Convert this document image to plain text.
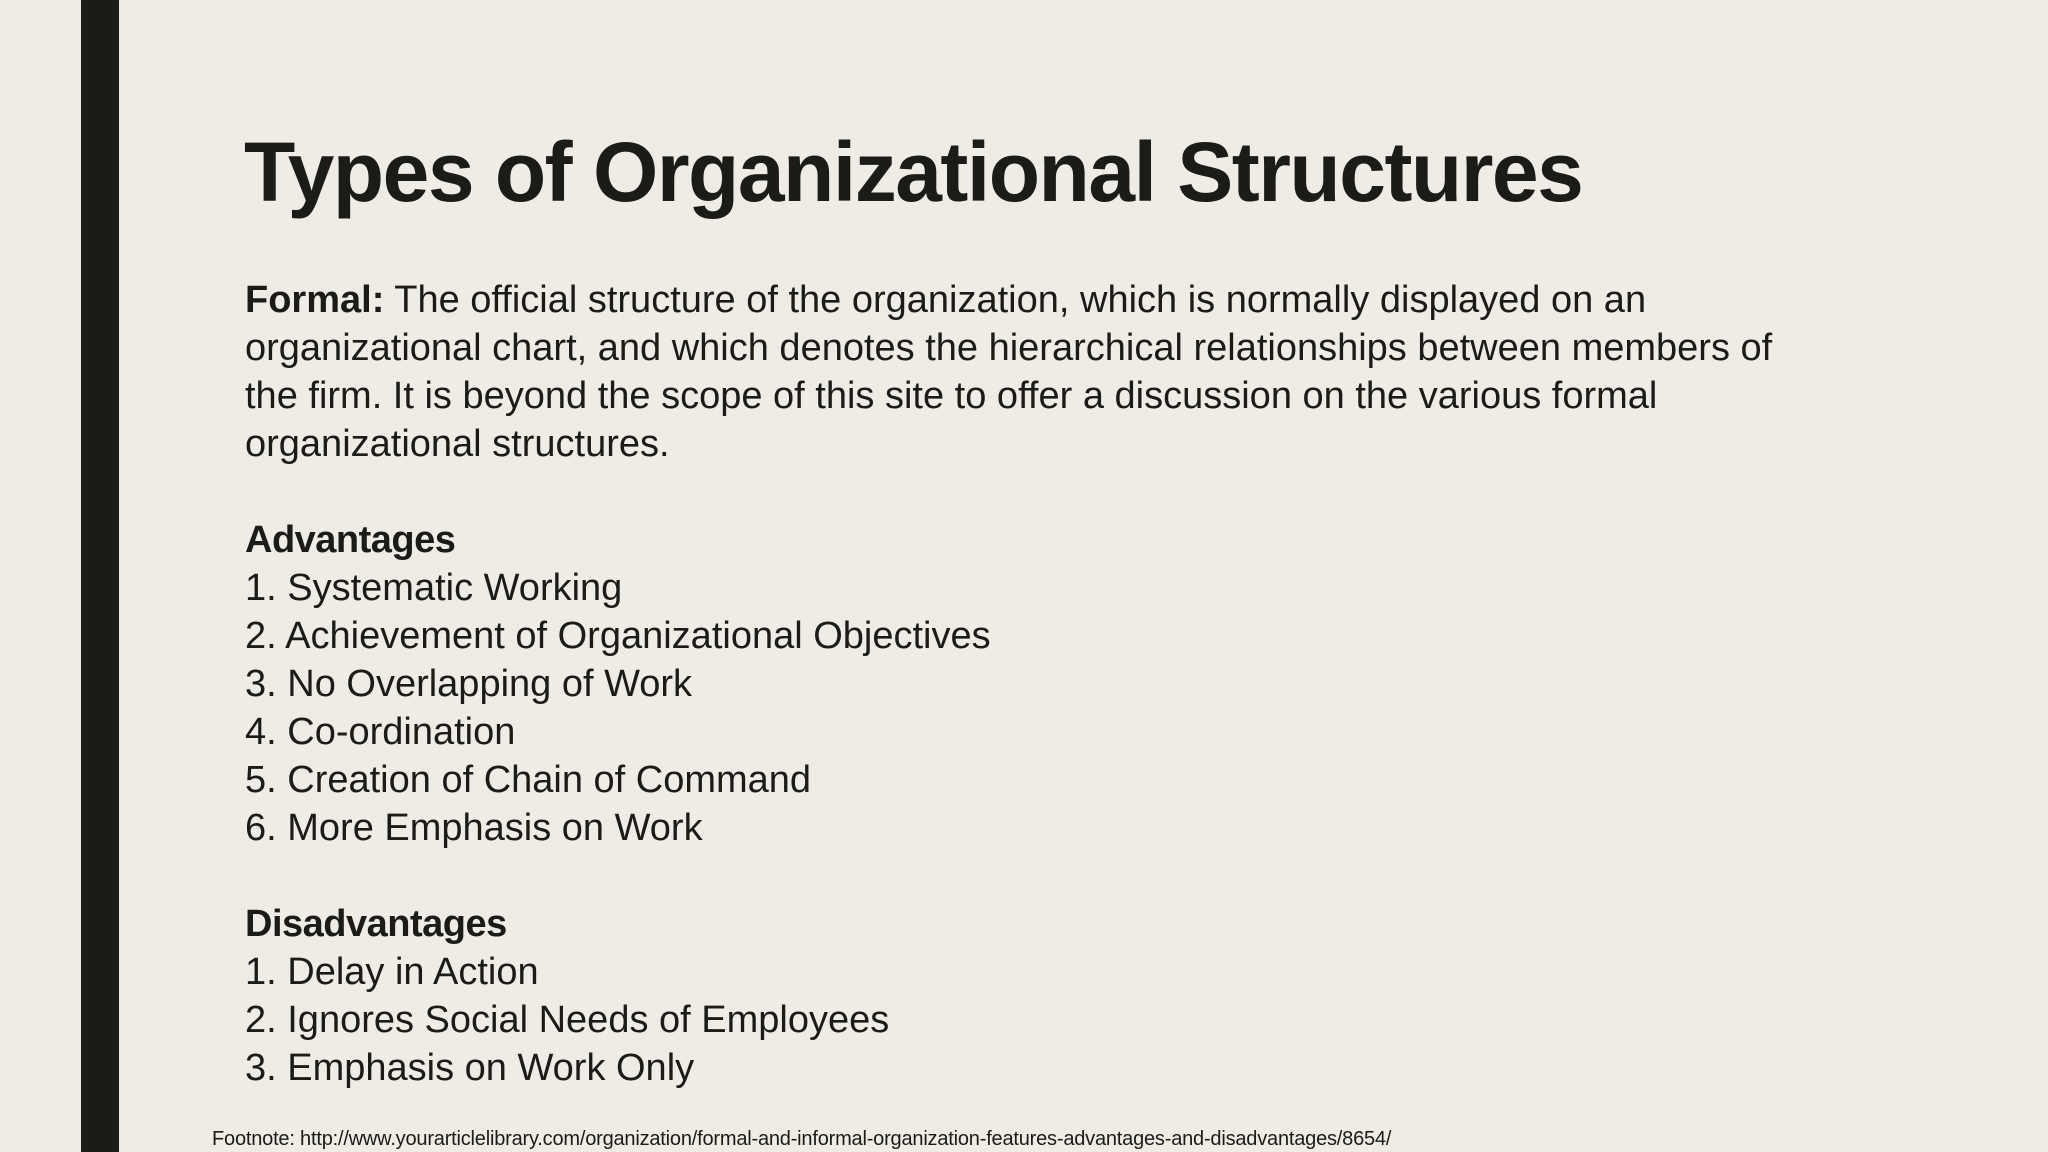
Types of Organizational Structures

Formal: The official structure of the organization, which is normally displayed on an organizational chart, and which denotes the hierarchical relationships between members of the firm. It is beyond the scope of this site to offer a discussion on the various formal organizational structures.

Advantages

1. Systematic Working
2. Achievement of Organizational Objectives
3. No Overlapping of Work
4. Co-ordination
5. Creation of Chain of Command
6. More Emphasis on Work

Disadvantages

1. Delay in Action
2. Ignores Social Needs of Employees
3. Emphasis on Work Only
Footnote: http://www.yourarticlelibrary.com/organization/formal-and-informal-organization-features-advantages-and-disadvantages/8654/
